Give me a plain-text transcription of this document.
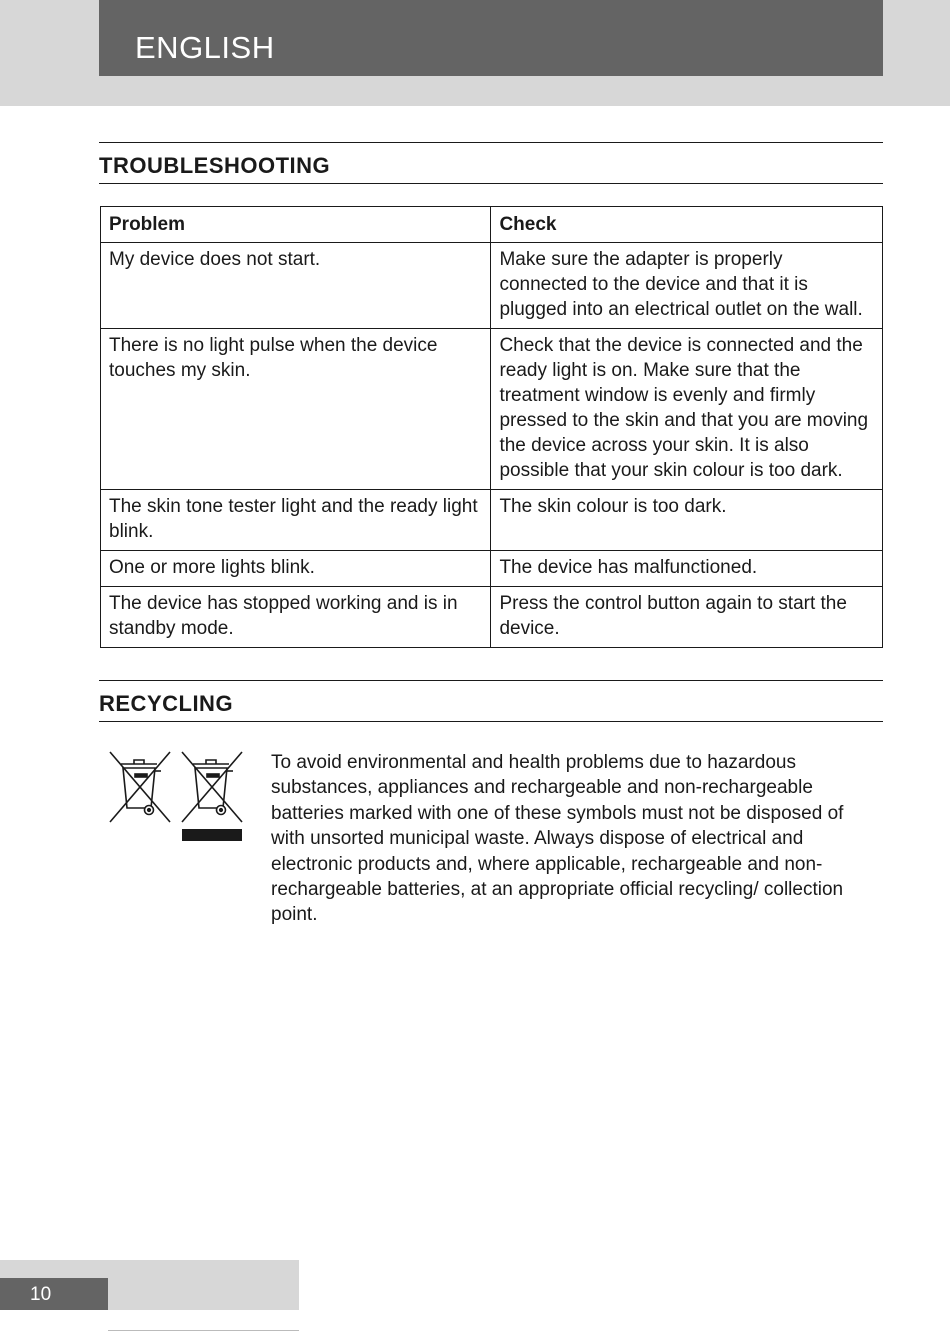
ENGLISH
TROUBLESHOOTING
Problem	Check
My device does not start.	Make sure the adapter is properly connected to the device and that it is plugged into an electrical outlet on the wall.
There is no light pulse when the device touches my skin.	Check that the device is connected and the ready light is on. Make sure that the treatment window is evenly and firmly pressed to the skin and that you are moving the device across your skin. It is also possible that your skin colour is too dark.
The skin tone tester light and the ready light blink.	The skin colour is too dark.
One or more lights blink.	The device has malfunctioned.
The device has stopped working and is in standby mode.	Press the control button again to start the device.
RECYCLING

To avoid environmental and health problems due to hazardous substances, appliances and rechargeable and non-rechargeable batteries marked with one of these symbols must not be disposed of with unsorted municipal waste. Always dispose of electrical and electronic products and, where applicable, rechargeable and non-rechargeable batteries, at an appropriate official recycling/ collection point.

10
